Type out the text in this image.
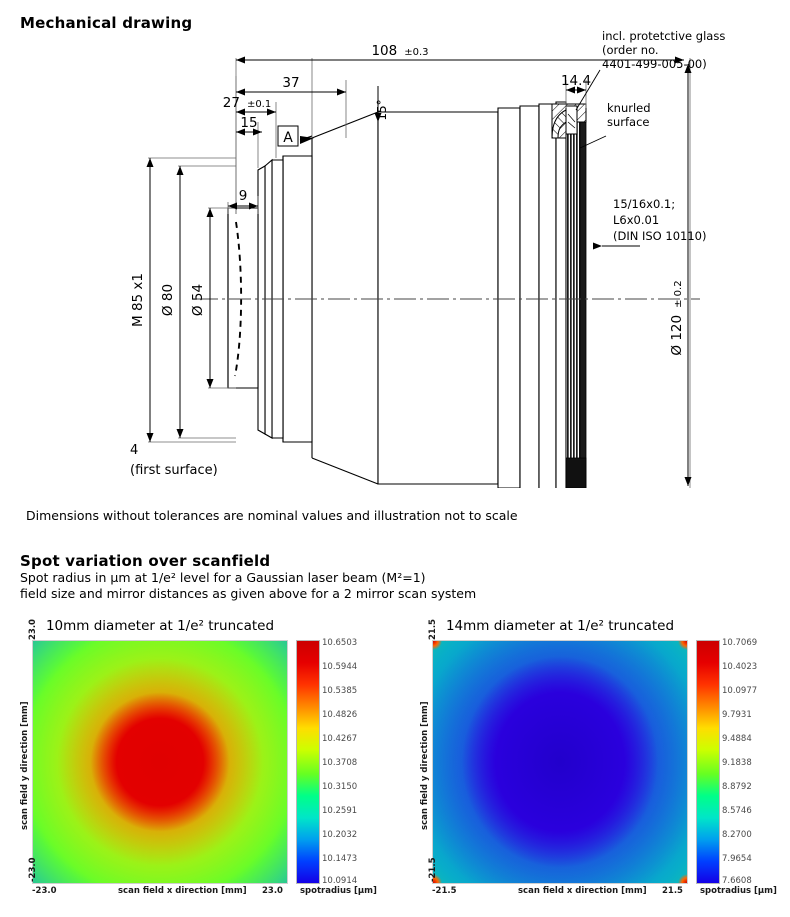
Mechanical drawing
A
108 ±0.3
37
27 ±0.1
15
9
14.4
M 85 x1 Ø 80 Ø 54
Ø 120± 0.2
15°
4
(first surface)
incl. protetctive glass
(order no.
4401-499-005-00)
knurled
surface
15/16x0.1;
L6x0.01
(DIN ISO 10110)
Dimensions without tolerances are nominal values and illustration not to scale
Spot variation over scanfield
Spot radius in µm at 1/e² level for a Gaussian laser beam (M²=1)
field size and mirror distances as given above for a 2 mirror scan system
10mm diameter at 1/e² truncated
23.0
-23.0
scan field y direction [mm]
-23.0	23.0
scan field x direction [mm]
10.6503
10.5944
10.5385
10.4826
10.4267
10.3708
10.3150
10.2591
10.2032
10.1473
10.0914
spotradius [µm]
14mm diameter at 1/e² truncated
21.5
-21.5
scan field y direction [mm]
-21.5	21.5
scan field x direction [mm]
10.7069
10.4023
10.0977
9.7931
9.4884
9.1838
8.8792
8.5746
8.2700
7.9654
7.6608
spotradius [µm]
